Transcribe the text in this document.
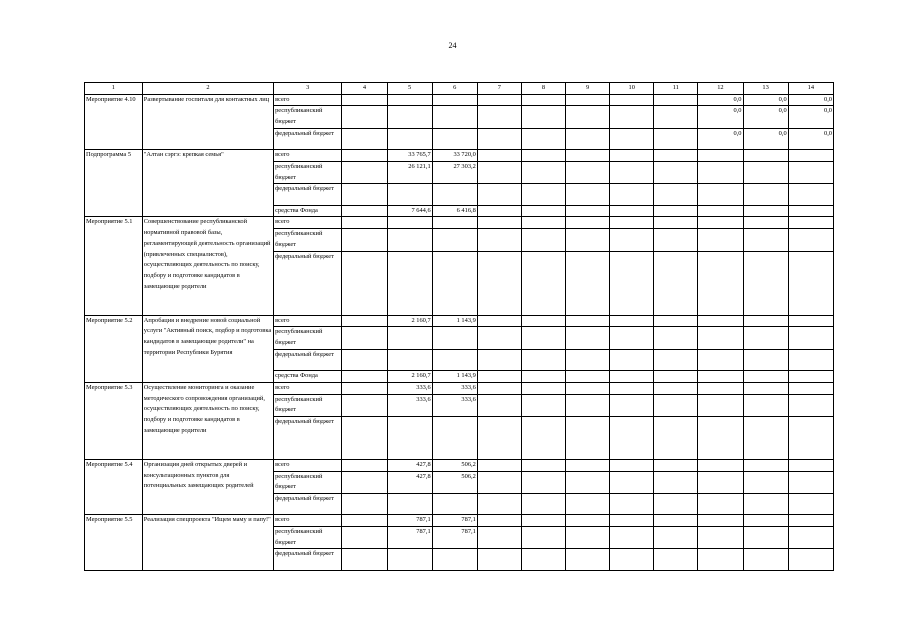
24
1	2	3	4	5	6	7	8	9	10	11	12	13	14
Мероприятие 4.10	Развертывание госпиталя для контактных лиц	всего									0,0	0,0	0,0
		республиканский бюджет									0,0	0,0	0,0
		федеральный бюджет									0,0	0,0	0,0
Подпрограмма 5	"Алтан сэргэ: крепкая семья"	всего		33 765,7	33 720,0								
		республиканский бюджет		26 121,1	27 303,2								
		федеральный бюджет											
		средства Фонда		7 644,6	6 416,8								
Мероприятие 5.1	Совершенствование республиканской нормативной правовой базы, регламентирующей деятельность организаций (привлеченных специалистов), осуществляющих деятельность по поиску, подбору и подготовке кандидатов в замещающие родители	всего											
		республиканский бюджет											
		федеральный бюджет											
Мероприятие 5.2	Апробация и внедрение новой социальной услуги "Активный поиск, подбор и подготовка кандидатов в замещающие родители" на территории Республики Бурятия	всего		2 160,7	1 143,9								
		республиканский бюджет											
		федеральный бюджет											
		средства Фонда		2 160,7	1 143,9								
Мероприятие 5.3	Осуществление мониторинга и оказание методического сопровождения организаций, осуществляющих деятельность по поиску, подбору и подготовке кандидатов в замещающие родители	всего		333,6	333,6								
		республиканский бюджет		333,6	333,6								
		федеральный бюджет											
Мероприятие 5.4	Организация дней открытых дверей и консультационных пунктов для потенциальных замещающих родителей	всего		427,8	506,2								
		республиканский бюджет		427,8	506,2								
		федеральный бюджет											
Мероприятие 5.5	Реализация спецпроекта "Ищем маму и папу!"	всего		787,1	787,1								
		республиканский бюджет		787,1	787,1								
		федеральный бюджет											
